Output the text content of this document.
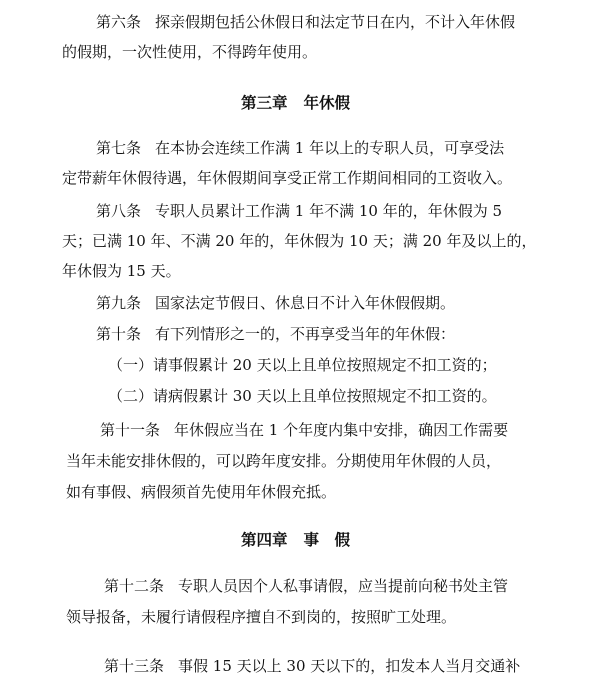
第六条 探亲假期包括公休假日和法定节日在内，不计入年休假
的假期，一次性使用，不得跨年使用。
第三章 年休假
第七条 在本协会连续工作满 1 年以上的专职人员，可享受法
定带薪年休假待遇，年休假期间享受正常工作期间相同的工资收入。
第八条 专职人员累计工作满 1 年不满 10 年的，年休假为 5
天；已满 10 年、不满 20 年的，年休假为 10 天；满 20 年及以上的，
年休假为 15 天。
第九条 国家法定节假日、休息日不计入年休假假期。
第十条 有下列情形之一的，不再享受当年的年休假：
（一）请事假累计 20 天以上且单位按照规定不扣工资的；
（二）请病假累计 30 天以上且单位按照规定不扣工资的。
第十一条 年休假应当在 1 个年度内集中安排，确因工作需要
当年未能安排休假的，可以跨年度安排。分期使用年休假的人员，
如有事假、病假须首先使用年休假充抵。
第四章 事　假
第十二条 专职人员因个人私事请假，应当提前向秘书处主管
领导报备，未履行请假程序擅自不到岗的，按照旷工处理。
第十三条 事假 15 天以上 30 天以下的，扣发本人当月交通补
